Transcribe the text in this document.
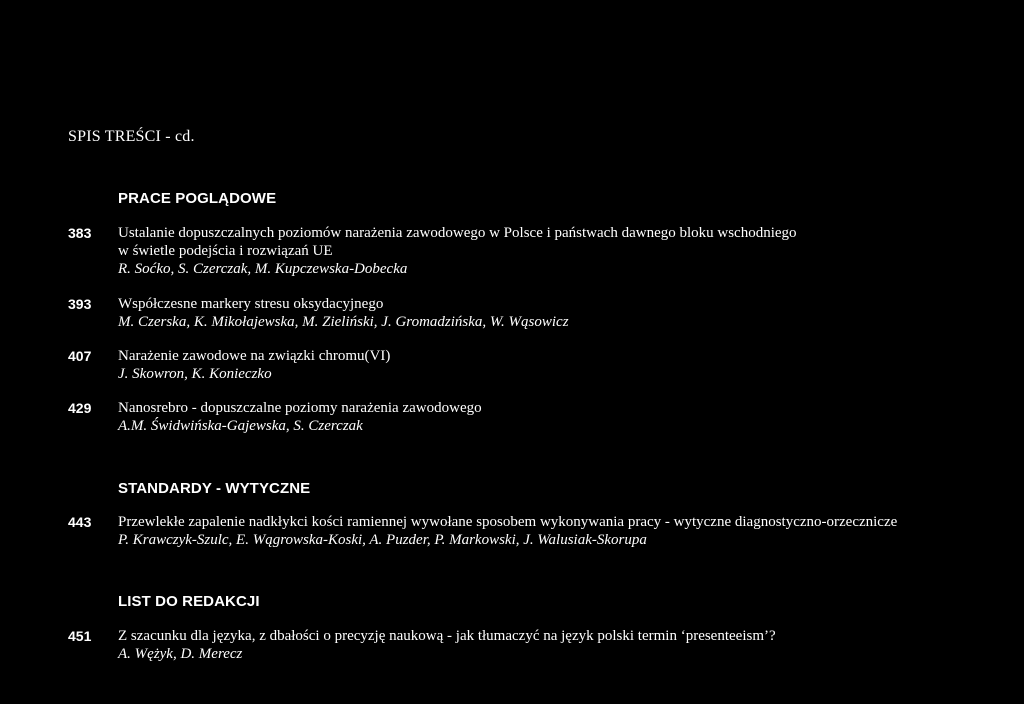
SPIS TREŚCI - cd.
PRACE POGLĄDOWE
383 Ustalanie dopuszczalnych poziomów narażenia zawodowego w Polsce i państwach dawnego bloku wschodniego
w świetle podejścia i rozwiązań UE
R. Soćko, S. Czerczak, M. Kupczewska-Dobecka
393 Współczesne markery stresu oksydacyjnego
M. Czerska, K. Mikołajewska, M. Zieliński, J. Gromadzińska, W. Wąsowicz
407 Narażenie zawodowe na związki chromu(VI)
J. Skowron, K. Konieczko
429 Nanosrebro - dopuszczalne poziomy narażenia zawodowego
A.M. Świdwińska-Gajewska, S. Czerczak
STANDARDY - WYTYCZNE
443 Przewlekłe zapalenie nadkłykci kości ramiennej wywołane sposobem wykonywania pracy - wytyczne diagnostyczno-orzecznicze
P. Krawczyk-Szulc, E. Wągrowska-Koski, A. Puzder, P. Markowski, J. Walusiak-Skorupa
LIST DO REDAKCJI
451 Z szacunku dla języka, z dbałości o precyzję naukową - jak tłumaczyć na język polski termin ‘presenteeism’?
A. Wężyk, D. Merecz
